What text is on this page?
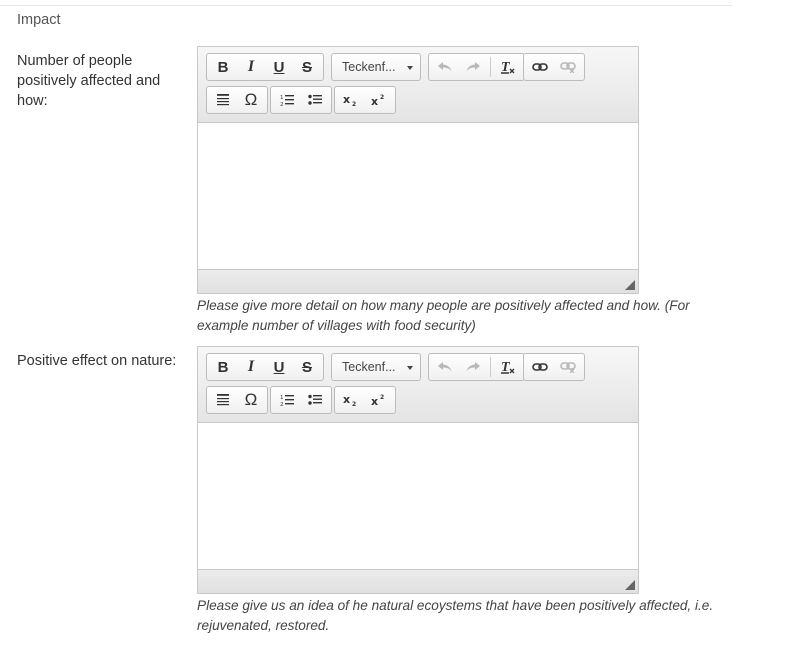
Impact
Number of people positively affected and how:
B	I	U	S	Teckenf...	T
Ω	1
2	x 2 x 2
Please give more detail on how many people are positively affected and how. (For example number of villages with food security)
Positive effect on nature:	B	I	U	S	Teckenf...	T
Ω	1
2	x 2 x 2
Please give us an idea of he natural ecoystems that have been positively affected, i.e. rejuvenated, restored.
